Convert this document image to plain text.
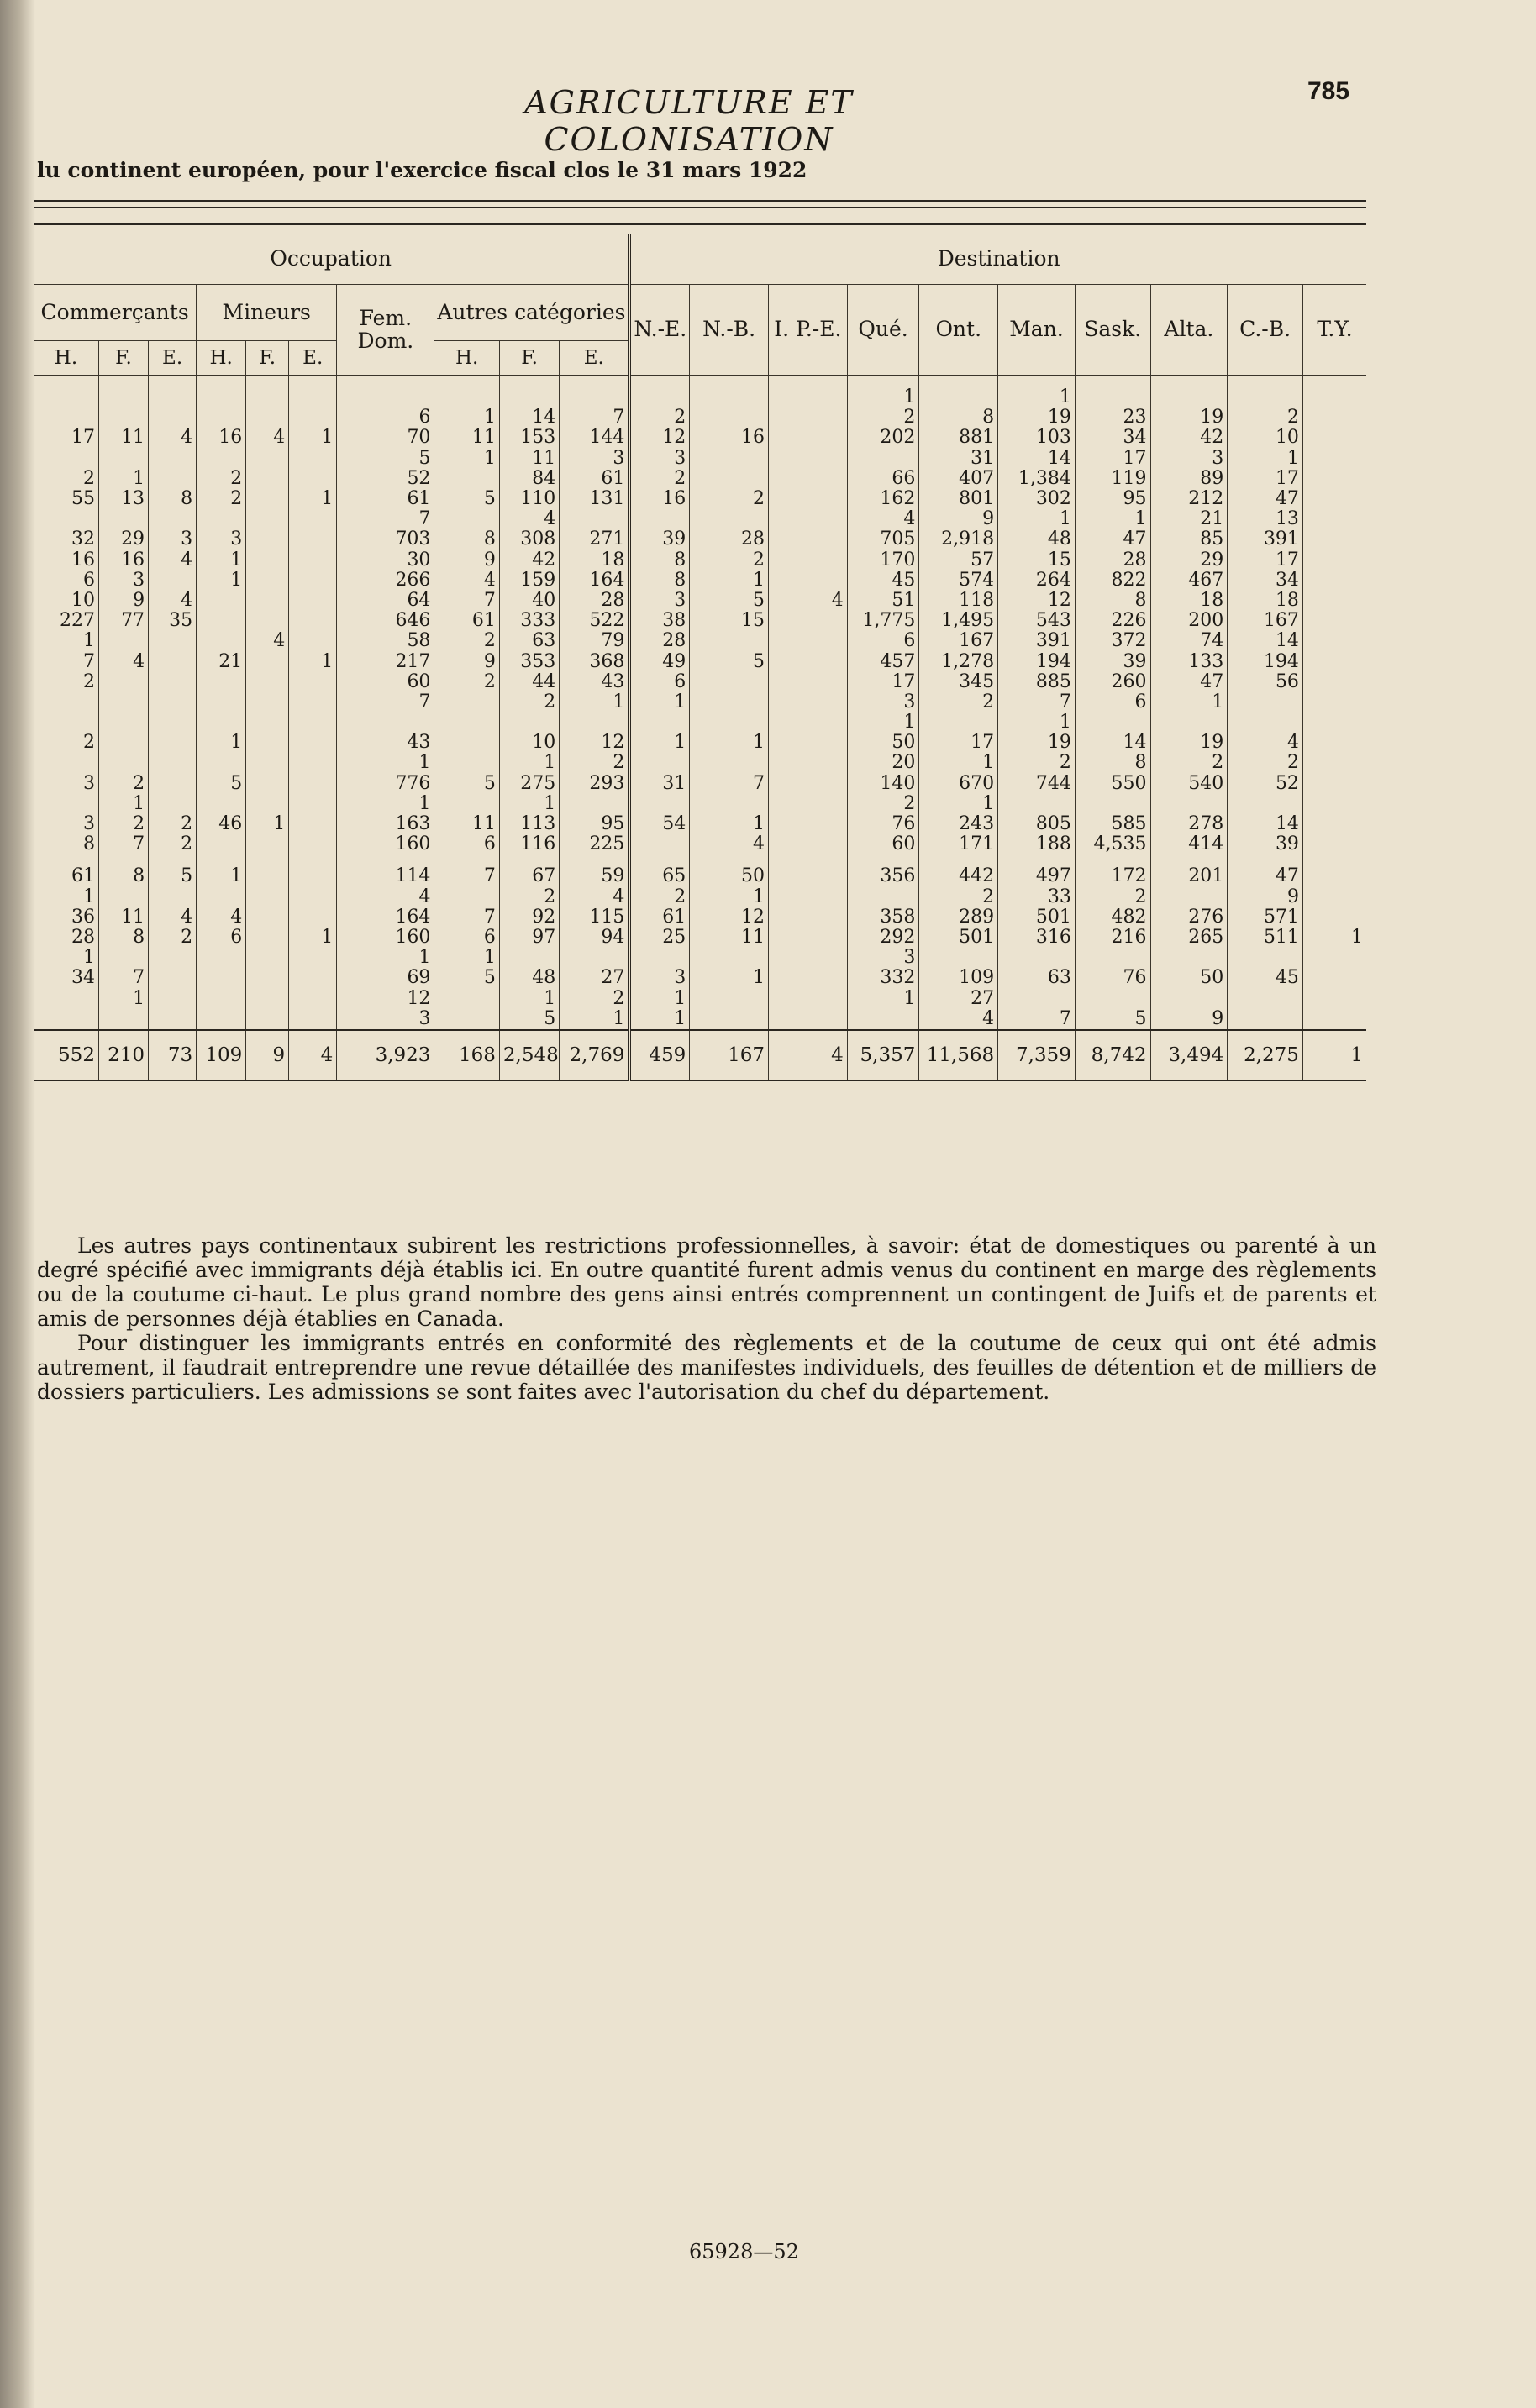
AGRICULTURE ET COLONISATION
785
lu continent européen, pour l'exercice fiscal clos le 31 mars 1922
Occupation										Destination									
Commerçants			Mineurs			Fem. Dom.	Autres catégories			N.-E.	N.-B.	I. P.-E.	Qué.	Ont.	Man.	Sask.	Alta.	C.-B.	T.Y.
H.	F.	E.	H.	F.	E.		H.	F.	E.										
													1		1				
						6	1	14	7	2			2	8	19	23	19	2	
17	11	4	16	4	1	70	11	153	144	12	16		202	881	103	34	42	10	
						5	1	11	3	3				31	14	17	3	1	
2	1		2			52		84	61	2			66	407	1,384	119	89	17	
55	13	8	2		1	61	5	110	131	16	2		162	801	302	95	212	47	
						7		4					4	9	1	1	21	13	
32	29	3	3			703	8	308	271	39	28		705	2,918	48	47	85	391	
16	16	4	1			30	9	42	18	8	2		170	57	15	28	29	17	
6	3		1			266	4	159	164	8	1		45	574	264	822	467	34	
10	9	4				64	7	40	28	3	5	4	51	118	12	8	18	18	
227	77	35				646	61	333	522	38	15		1,775	1,495	543	226	200	167	
1				4		58	2	63	79	28			6	167	391	372	74	14	
7	4		21		1	217	9	353	368	49	5		457	1,278	194	39	133	194	
2						60	2	44	43	6			17	345	885	260	47	56	
						7		2	1	1			3	2	7	6	1		
													1		1				
2			1			43		10	12	1	1		50	17	19	14	19	4	
						1		1	2				20	1	2	8	2	2	
3	2		5			776	5	275	293	31	7		140	670	744	550	540	52	
	1					1		1					2	1					
3	2	2	46	1		163	11	113	95	54	1		76	243	805	585	278	14	
8	7	2				160	6	116	225		4		60	171	188	4,535	414	39	

61	8	5	1			114	7	67	59	65	50		356	442	497	172	201	47	
1						4		2	4	2	1			2	33	2		9	
36	11	4	4			164	7	92	115	61	12		358	289	501	482	276	571	
28	8	2	6		1	160	6	97	94	25	11		292	501	316	216	265	511	1
1						1	1						3						
34	7					69	5	48	27	3	1		332	109	63	76	50	45	
	1					12		1	2	1			1	27					
						3		5	1	1				4	7	5	9		
552	210	73	109	9	4	3,923	168	2,548	2,769	459	167	4	5,357	11,568	7,359	8,742	3,494	2,275	1

Les autres pays continentaux subirent les restrictions professionnelles, à savoir: état de domestiques ou parenté à un degré spécifié avec immigrants déjà établis ici. En outre quantité furent admis venus du continent en marge des règlements ou de la coutume ci-haut. Le plus grand nombre des gens ainsi entrés comprennent un contingent de Juifs et de parents et amis de personnes déjà établies en Canada.

Pour distinguer les immigrants entrés en conformité des règlements et de la coutume de ceux qui ont été admis autrement, il faudrait entreprendre une revue détaillée des manifestes individuels, des feuilles de détention et de milliers de dossiers particuliers. Les admissions se sont faites avec l'autorisation du chef du département.

65928—52
